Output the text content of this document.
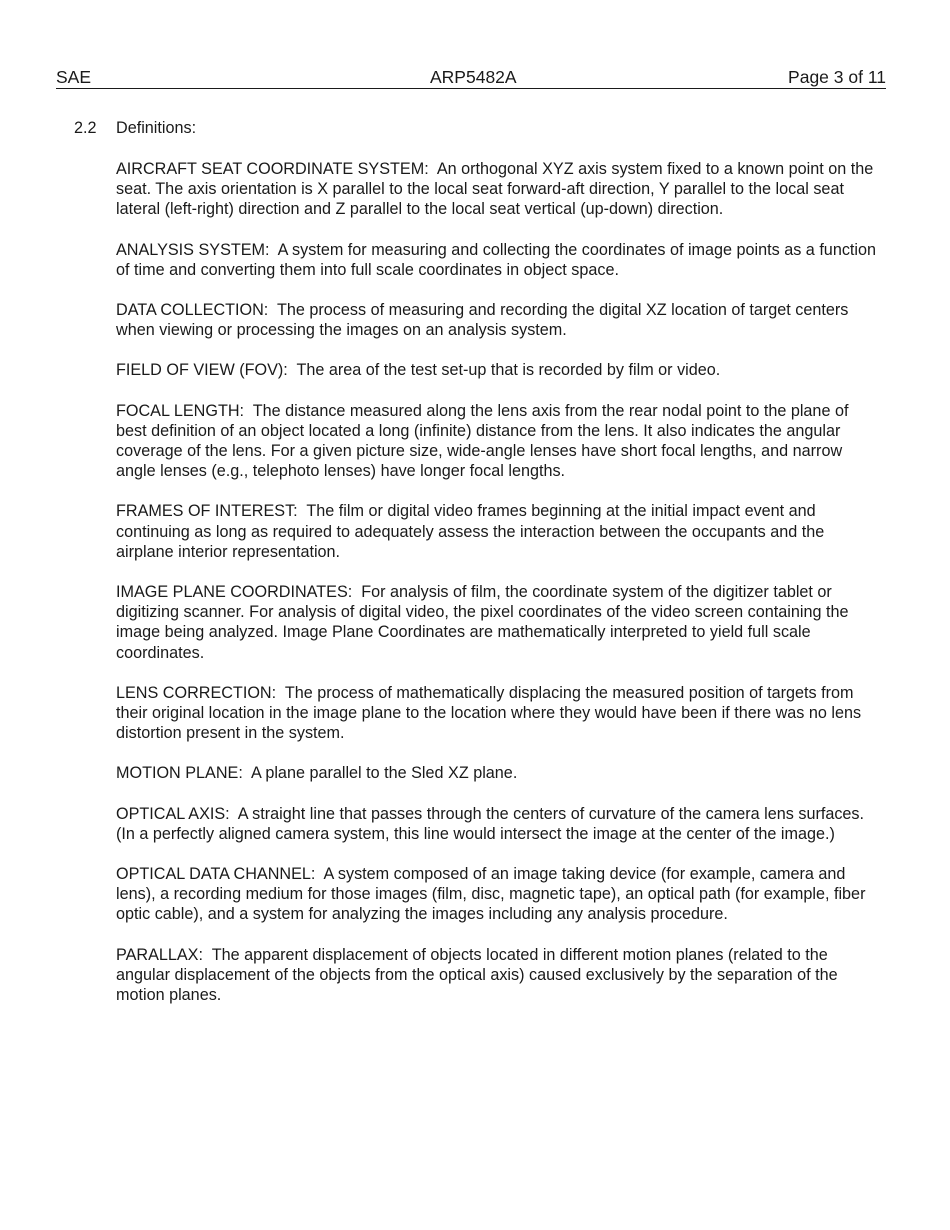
SAE	ARP5482A	Page 3 of 11
2.2 Definitions:

AIRCRAFT SEAT COORDINATE SYSTEM: An orthogonal XYZ axis system fixed to a known point on the seat. The axis orientation is X parallel to the local seat forward-aft direction, Y parallel to the local seat lateral (left-right) direction and Z parallel to the local seat vertical (up-down) direction.

ANALYSIS SYSTEM: A system for measuring and collecting the coordinates of image points as a function of time and converting them into full scale coordinates in object space.

DATA COLLECTION: The process of measuring and recording the digital XZ location of target centers when viewing or processing the images on an analysis system.

FIELD OF VIEW (FOV): The area of the test set-up that is recorded by film or video.

FOCAL LENGTH: The distance measured along the lens axis from the rear nodal point to the plane of best definition of an object located a long (infinite) distance from the lens. It also indicates the angular coverage of the lens. For a given picture size, wide-angle lenses have short focal lengths, and narrow angle lenses (e.g., telephoto lenses) have longer focal lengths.

FRAMES OF INTEREST: The film or digital video frames beginning at the initial impact event and continuing as long as required to adequately assess the interaction between the occupants and the airplane interior representation.

IMAGE PLANE COORDINATES: For analysis of film, the coordinate system of the digitizer tablet or digitizing scanner. For analysis of digital video, the pixel coordinates of the video screen containing the image being analyzed. Image Plane Coordinates are mathematically interpreted to yield full scale coordinates.

LENS CORRECTION: The process of mathematically displacing the measured position of targets from their original location in the image plane to the location where they would have been if there was no lens distortion present in the system.

MOTION PLANE: A plane parallel to the Sled XZ plane.

OPTICAL AXIS: A straight line that passes through the centers of curvature of the camera lens surfaces. (In a perfectly aligned camera system, this line would intersect the image at the center of the image.)

OPTICAL DATA CHANNEL: A system composed of an image taking device (for example, camera and lens), a recording medium for those images (film, disc, magnetic tape), an optical path (for example, fiber optic cable), and a system for analyzing the images including any analysis procedure.

PARALLAX: The apparent displacement of objects located in different motion planes (related to the angular displacement of the objects from the optical axis) caused exclusively by the separation of the motion planes.
